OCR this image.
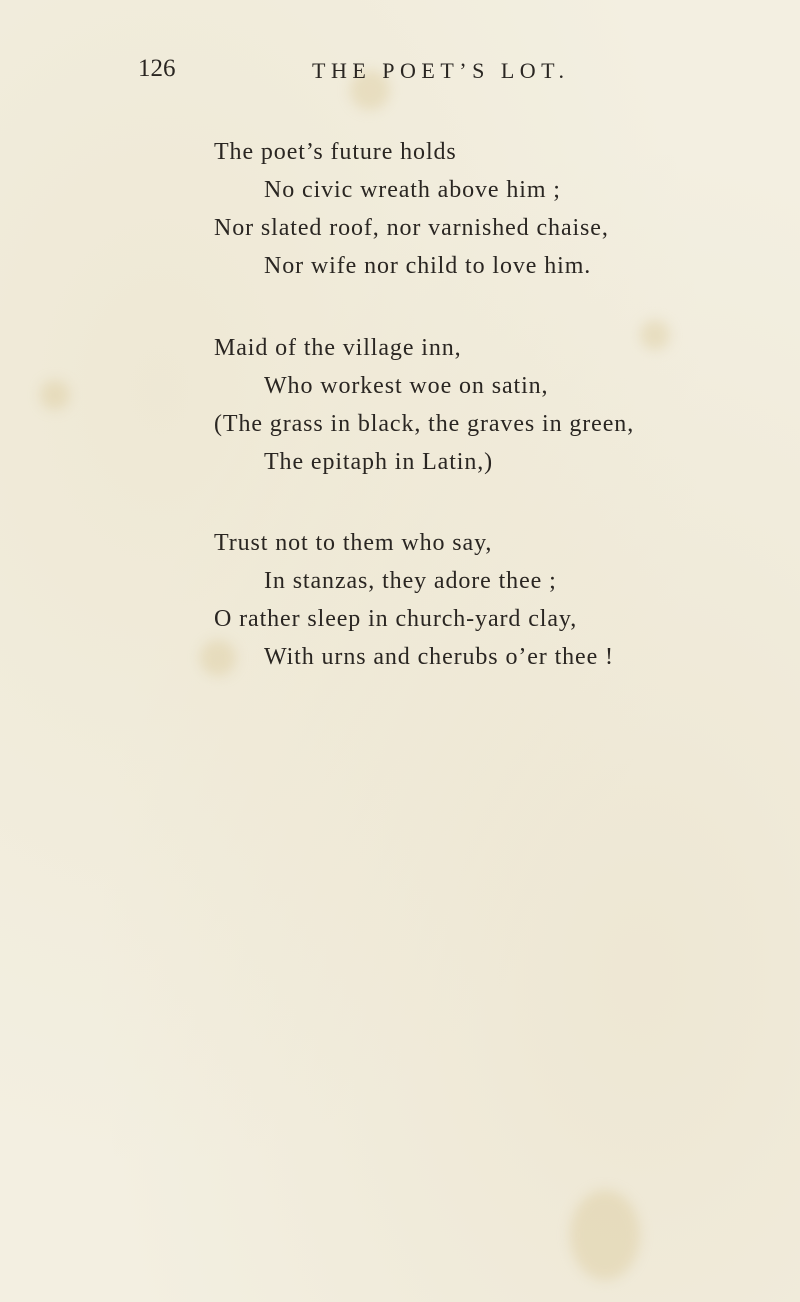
126	THE POET’S LOT.
The poet’s future holds
No civic wreath above him ;
Nor slated roof, nor varnished chaise,
Nor wife nor child to love him.
Maid of the village inn,
Who workest woe on satin,
(The grass in black, the graves in green,
The epitaph in Latin,)
Trust not to them who say,
In stanzas, they adore thee ;
O rather sleep in church-yard clay,
With urns and cherubs o’er thee !
